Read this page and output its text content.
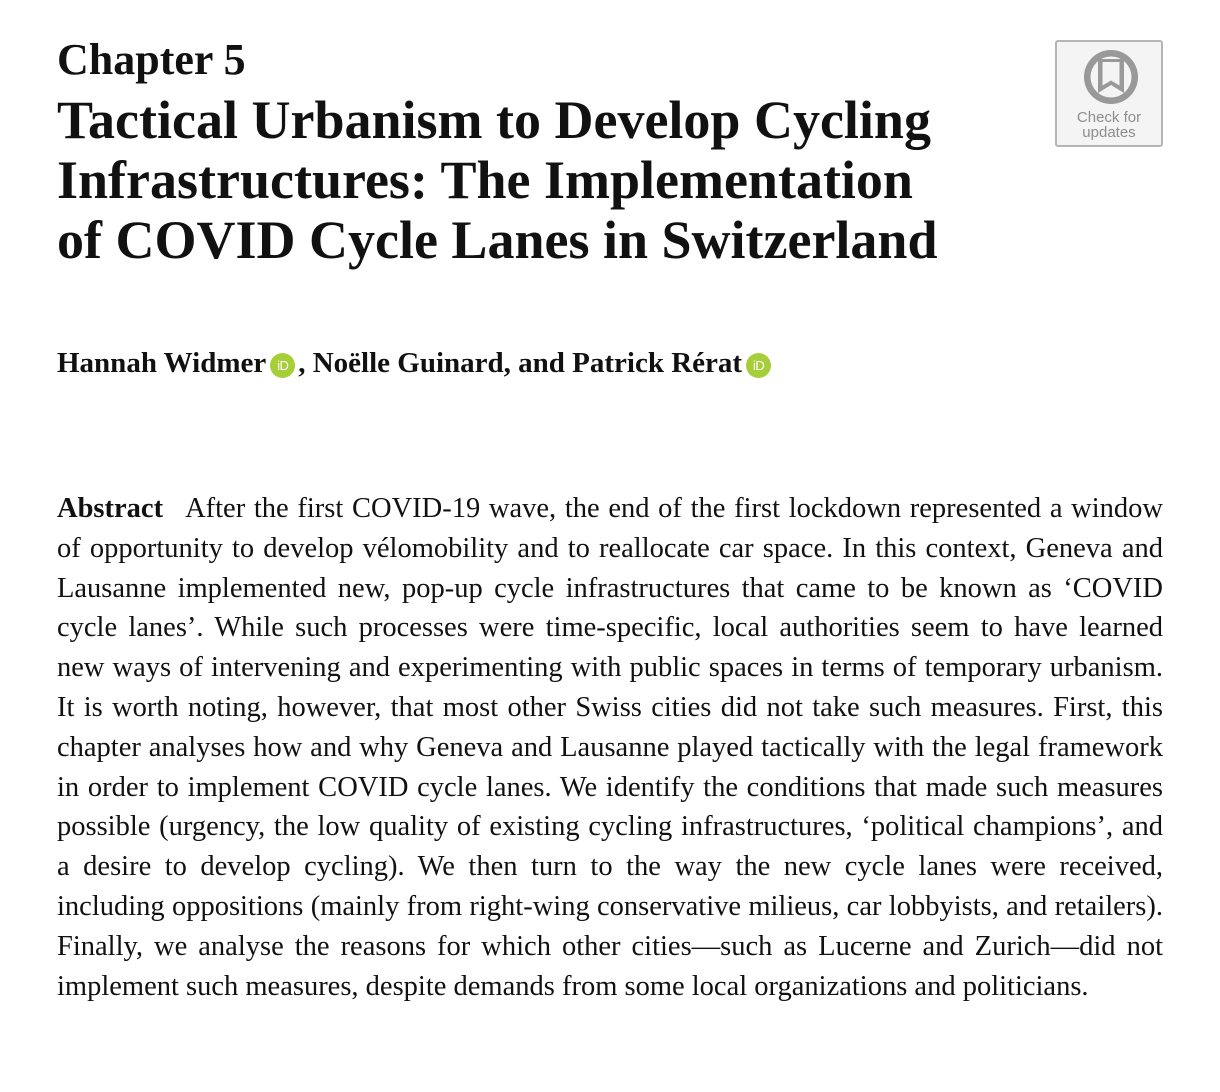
Chapter 5
Tactical Urbanism to Develop Cycling
Infrastructures: The Implementation
of COVID Cycle Lanes in Switzerland
Check for
updates
Hannah Widmer iD , Noëlle Guinard, and Patrick Rérat iD

Abstract After the first COVID-19 wave, the end of the first lockdown represented a window of opportunity to develop vélomobility and to reallocate car space. In this context, Geneva and Lausanne implemented new, pop-up cycle infrastructures that came to be known as ‘COVID cycle lanes’. While such processes were time-specific, local authorities seem to have learned new ways of intervening and experimenting with public spaces in terms of temporary urbanism. It is worth noting, however, that most other Swiss cities did not take such measures. First, this chapter analyses how and why Geneva and Lausanne played tactically with the legal framework in order to implement COVID cycle lanes. We identify the conditions that made such measures possible (urgency, the low quality of existing cycling infrastructures, ‘political champions’, and a desire to develop cycling). We then turn to the way the new cycle lanes were received, including oppositions (mainly from right-wing conservative milieus, car lobbyists, and retailers). Finally, we analyse the reasons for which other cities—such as Lucerne and Zurich—did not implement such measures, despite demands from some local organizations and politicians.
